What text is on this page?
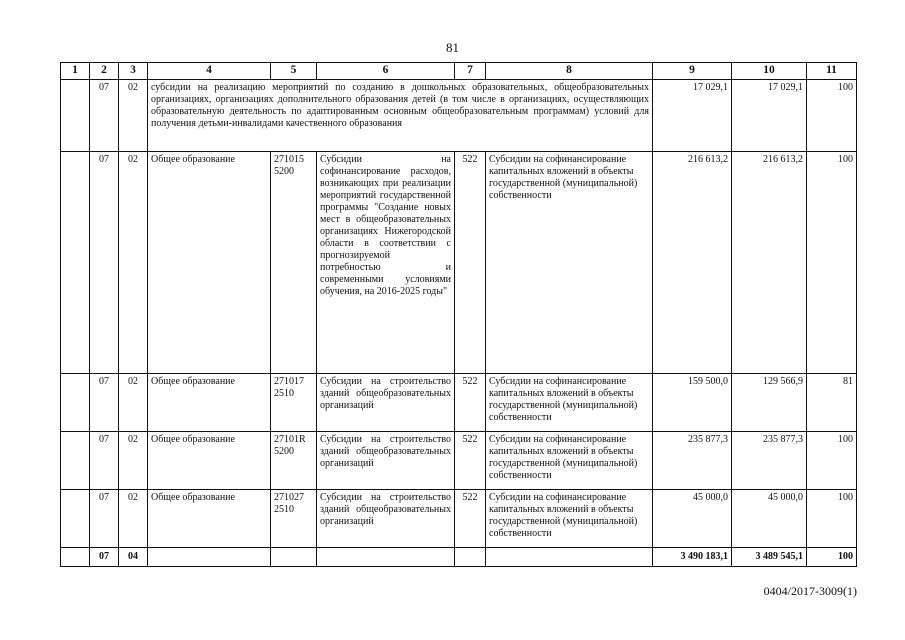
81
1	2	3	4	5	6	7	8	9	10	11
	07	02	субсидии на реализацию мероприятий по созданию в дошкольных образовательных, общеобразовательных организациях, организациях дополнительного образования детей (в том числе в организациях, осуществляющих образовательную деятельность по адаптированным основным общеобразовательным программам) условий для получения детьми-инвалидами качественного образования					17 029,1	17 029,1	100
	07	02	Общее образование	271015 5200	Субсидии на софинансирование расходов, возникающих при реализации мероприятий государственной программы "Создание новых мест в общеобразовательных организациях Нижегородской области в соответствии с прогнозируемой потребностью и современными условиями обучения, на 2016-2025 годы"	522	Субсидии на софинансирование капитальных вложений в объекты государственной (муниципальной) собственности	216 613,2	216 613,2	100
	07	02	Общее образование	271017 2510	Субсидии на строительство зданий общеобразовательных организаций	522	Субсидии на софинансирование капитальных вложений в объекты государственной (муниципальной) собственности	159 500,0	129 566,9	81
	07	02	Общее образование	27101R 5200	Субсидии на строительство зданий общеобразовательных организаций	522	Субсидии на софинансирование капитальных вложений в объекты государственной (муниципальной) собственности	235 877,3	235 877,3	100
	07	02	Общее образование	271027 2510	Субсидии на строительство зданий общеобразовательных организаций	522	Субсидии на софинансирование капитальных вложений в объекты государственной (муниципальной) собственности	45 000,0	45 000,0	100
	07	04						3 490 183,1	3 489 545,1	100
0404/2017-3009(1)
